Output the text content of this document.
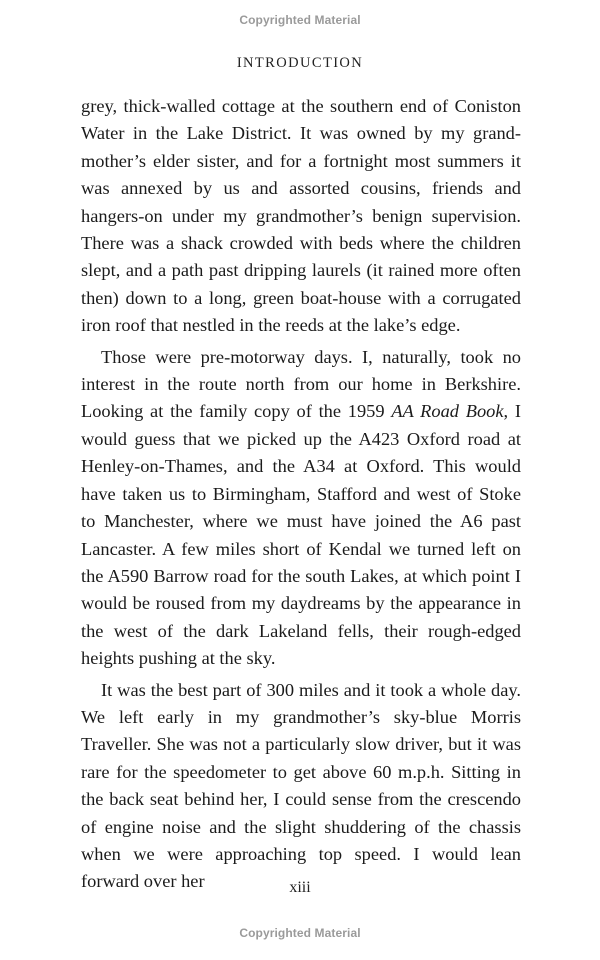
Copyrighted Material
INTRODUCTION

grey, thick-walled cottage at the southern end of Coniston Water in the Lake District. It was owned by my grand-mother’s elder sister, and for a fortnight most summers it was annexed by us and assorted cousins, friends and hangers-on under my grandmother’s benign supervision. There was a shack crowded with beds where the children slept, and a path past dripping laurels (it rained more often then) down to a long, green boat-house with a corrugated iron roof that nestled in the reeds at the lake’s edge.

Those were pre-motorway days. I, naturally, took no interest in the route north from our home in Berkshire. Looking at the family copy of the 1959 AA Road Book, I would guess that we picked up the A423 Oxford road at Henley-on-Thames, and the A34 at Oxford. This would have taken us to Birmingham, Stafford and west of Stoke to Manchester, where we must have joined the A6 past Lancaster. A few miles short of Kendal we turned left on the A590 Barrow road for the south Lakes, at which point I would be roused from my daydreams by the appearance in the west of the dark Lakeland fells, their rough-edged heights pushing at the sky.

It was the best part of 300 miles and it took a whole day. We left early in my grandmother’s sky-blue Morris Traveller. She was not a particularly slow driver, but it was rare for the speedometer to get above 60 m.p.h. Sitting in the back seat behind her, I could sense from the crescendo of engine noise and the slight shuddering of the chassis when we were approaching top speed. I would lean forward over her	xiii
Copyrighted Material
